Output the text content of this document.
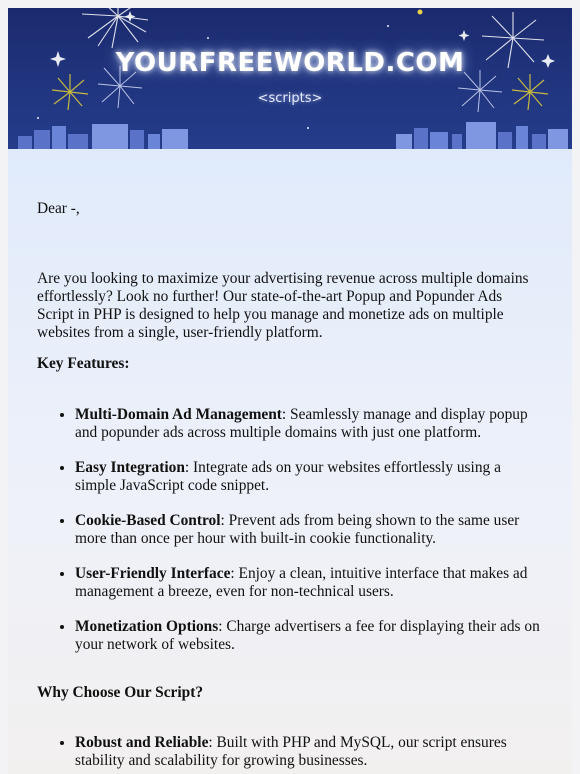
YOURFREEWORLD.COM
<scripts>

Dear -,

Are you looking to maximize your advertising revenue across multiple domains effortlessly? Look no further! Our state-of-the-art Popup and Popunder Ads Script in PHP is designed to help you manage and monetize ads on multiple websites from a single, user-friendly platform.

Key Features:

• Multi-Domain Ad Management: Seamlessly manage and display popup and popunder ads across multiple domains with just one platform.
• Easy Integration: Integrate ads on your websites effortlessly using a simple JavaScript code snippet.
• Cookie-Based Control: Prevent ads from being shown to the same user more than once per hour with built-in cookie functionality.
• User-Friendly Interface: Enjoy a clean, intuitive interface that makes ad management a breeze, even for non-technical users.
• Monetization Options: Charge advertisers a fee for displaying their ads on your network of websites.

Why Choose Our Script?

• Robust and Reliable: Built with PHP and MySQL, our script ensures stability and scalability for growing businesses.
